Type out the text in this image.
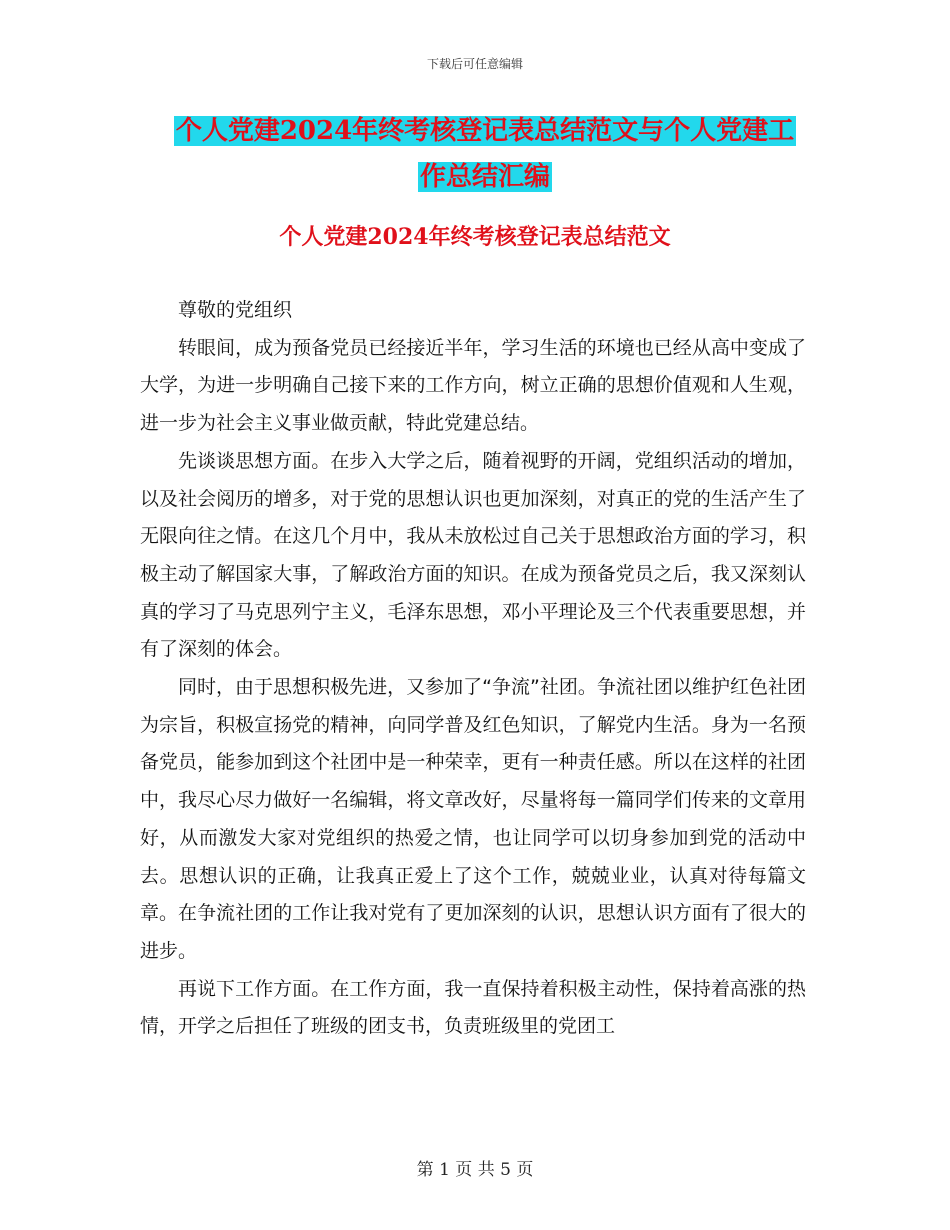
下载后可任意编辑
个人党建2024年终考核登记表总结范文与个人党建工
作总结汇编
个人党建2024年终考核登记表总结范文

尊敬的党组织

转眼间，成为预备党员已经接近半年，学习生活的环境也已经从高中变成了大学，为进一步明确自己接下来的工作方向，树立正确的思想价值观和人生观，进一步为社会主义事业做贡献，特此党建总结。

先谈谈思想方面。在步入大学之后，随着视野的开阔，党组织活动的增加，以及社会阅历的增多，对于党的思想认识也更加深刻，对真正的党的生活产生了无限向往之情。在这几个月中，我从未放松过自己关于思想政治方面的学习，积极主动了解国家大事，了解政治方面的知识。在成为预备党员之后，我又深刻认真的学习了马克思列宁主义，毛泽东思想，邓小平理论及三个代表重要思想，并有了深刻的体会。

同时，由于思想积极先进，又参加了“争流”社团。争流社团以维护红色社团为宗旨，积极宣扬党的精神，向同学普及红色知识，了解党内生活。身为一名预备党员，能参加到这个社团中是一种荣幸，更有一种责任感。所以在这样的社团中，我尽心尽力做好一名编辑，将文章改好，尽量将每一篇同学们传来的文章用好，从而激发大家对党组织的热爱之情，也让同学可以切身参加到党的活动中去。思想认识的正确，让我真正爱上了这个工作，兢兢业业，认真对待每篇文章。在争流社团的工作让我对党有了更加深刻的认识，思想认识方面有了很大的进步。

再说下工作方面。在工作方面，我一直保持着积极主动性，保持着高涨的热情，开学之后担任了班级的团支书，负责班级里的党团工

第 1 页 共 5 页
